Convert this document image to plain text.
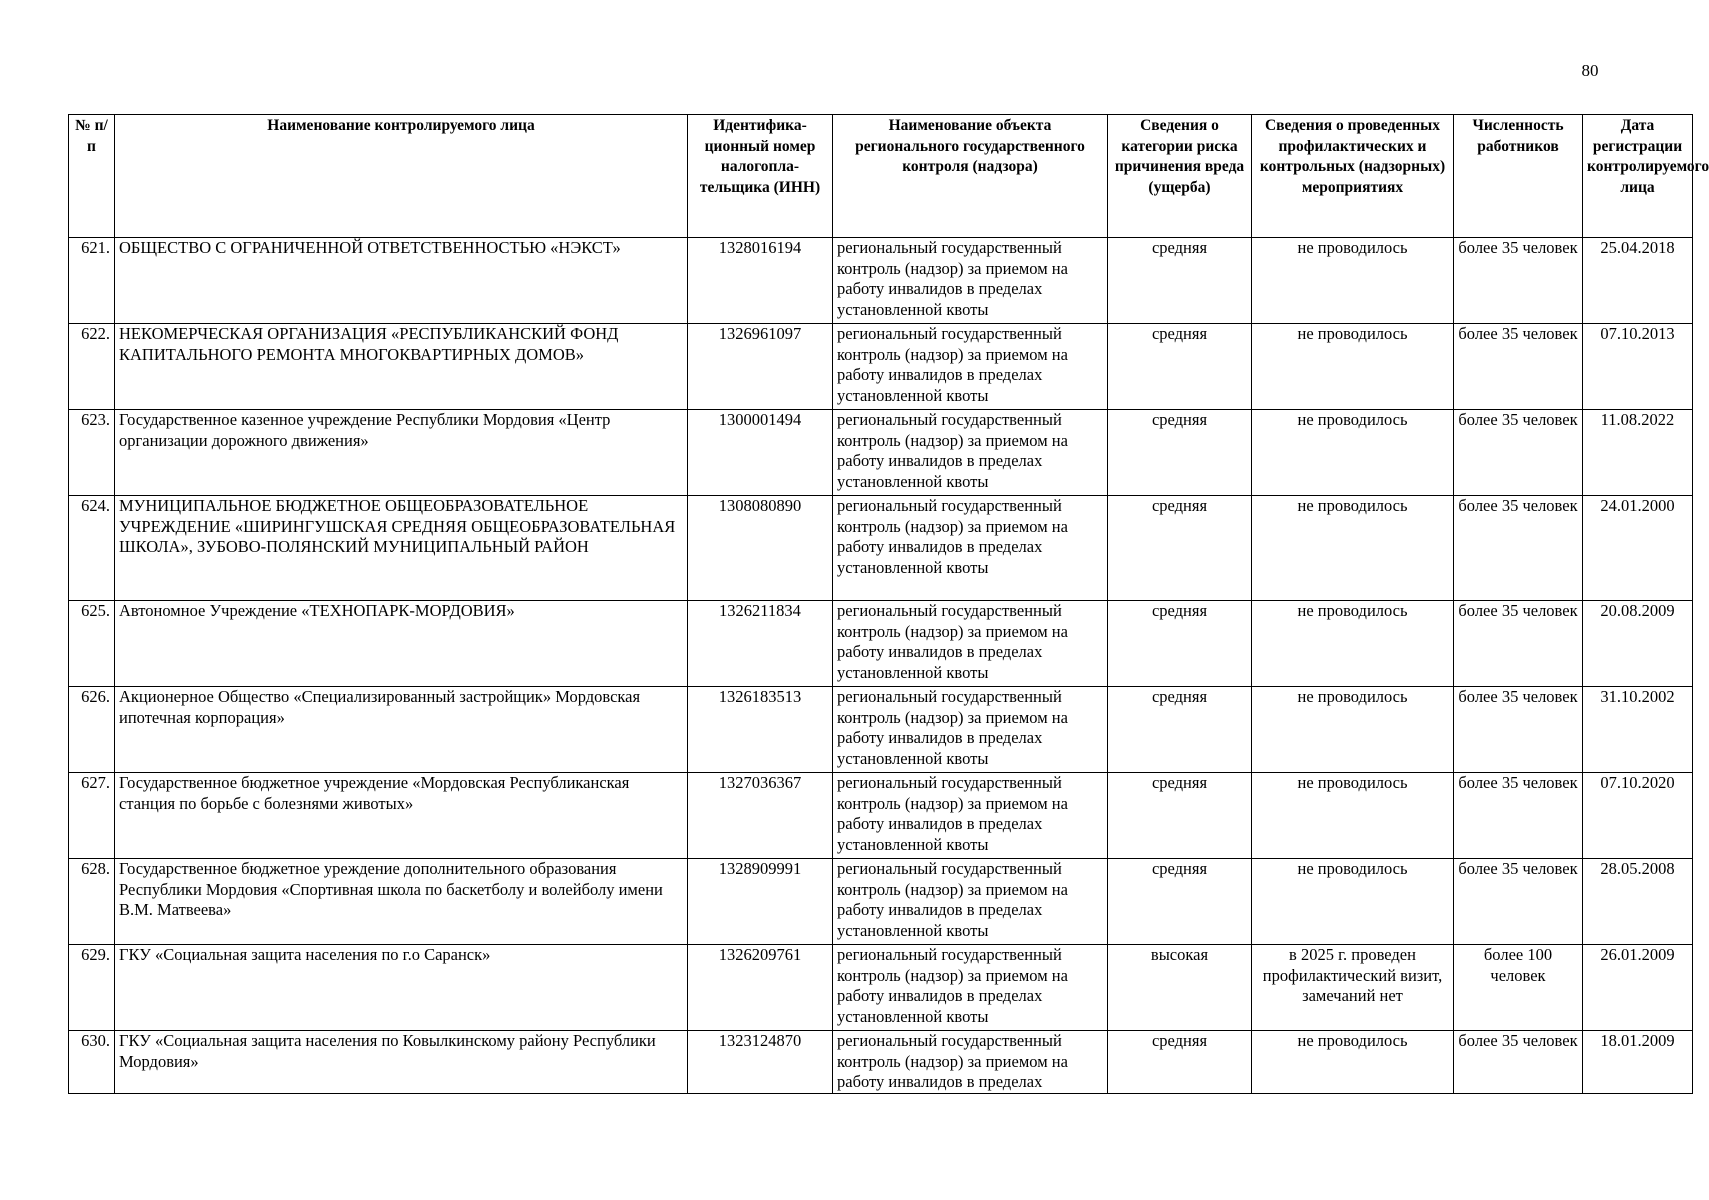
80
№ п/п	Наименование контролируемого лица	Идентифика-ционный номер налогопла-тельщика (ИНН)	Наименование объекта регионального государственного контроля (надзора)	Сведения о категории риска причинения вреда (ущерба)	Сведения о проведенных профилактических и контрольных (надзорных) мероприятиях	Численность работников	Дата регистрации контролируемого лица
621.	ОБЩЕСТВО С ОГРАНИЧЕННОЙ ОТВЕТСТВЕННОСТЬЮ «НЭКСТ»	1328016194	региональный государственный контроль (надзор) за приемом на работу инвалидов в пределах установленной квоты	средняя	не проводилось	более 35 человек	25.04.2018
622.	НЕКОМЕРЧЕСКАЯ ОРГАНИЗАЦИЯ «РЕСПУБЛИКАНСКИЙ ФОНД КАПИТАЛЬНОГО РЕМОНТА МНОГОКВАРТИРНЫХ ДОМОВ»	1326961097	региональный государственный контроль (надзор) за приемом на работу инвалидов в пределах установленной квоты	средняя	не проводилось	более 35 человек	07.10.2013
623.	Государственное казенное учреждение Республики Мордовия «Центр организации дорожного движения»	1300001494	региональный государственный контроль (надзор) за приемом на работу инвалидов в пределах установленной квоты	средняя	не проводилось	более 35 человек	11.08.2022
624.	МУНИЦИПАЛЬНОЕ БЮДЖЕТНОЕ ОБЩЕОБРАЗОВАТЕЛЬНОЕ УЧРЕЖДЕНИЕ «ШИРИНГУШСКАЯ СРЕДНЯЯ ОБЩЕОБРАЗОВАТЕЛЬНАЯ ШКОЛА», ЗУБОВО-ПОЛЯНСКИЙ МУНИЦИПАЛЬНЫЙ РАЙОН	1308080890	региональный государственный контроль (надзор) за приемом на работу инвалидов в пределах установленной квоты	средняя	не проводилось	более 35 человек	24.01.2000
625.	Автономное Учреждение «ТЕХНОПАРК-МОРДОВИЯ»	1326211834	региональный государственный контроль (надзор) за приемом на работу инвалидов в пределах установленной квоты	средняя	не проводилось	более 35 человек	20.08.2009
626.	Акционерное Общество «Специализированный застройщик» Мордовская ипотечная корпорация»	1326183513	региональный государственный контроль (надзор) за приемом на работу инвалидов в пределах установленной квоты	средняя	не проводилось	более 35 человек	31.10.2002
627.	Государственное бюджетное учреждение «Мордовская Республиканская станция по борьбе с болезнями животых»	1327036367	региональный государственный контроль (надзор) за приемом на работу инвалидов в пределах установленной квоты	средняя	не проводилось	более 35 человек	07.10.2020
628.	Государственное бюджетное уреждение дополнительного образования Республики Мордовия «Спортивная школа по баскетболу и волейболу имени В.М. Матвеева»	1328909991	региональный государственный контроль (надзор) за приемом на работу инвалидов в пределах установленной квоты	средняя	не проводилось	более 35 человек	28.05.2008
629.	ГКУ «Социальная защита населения по г.о Саранск»	1326209761	региональный государственный контроль (надзор) за приемом на работу инвалидов в пределах установленной квоты	высокая	в 2025 г. проведен профилактический визит, замечаний нет	более 100 человек	26.01.2009
630.	ГКУ «Социальная защита населения по Ковылкинскому району Республики Мордовия»	1323124870	региональный государственный контроль (надзор) за приемом на работу инвалидов в пределах	средняя	не проводилось	более 35 человек	18.01.2009
